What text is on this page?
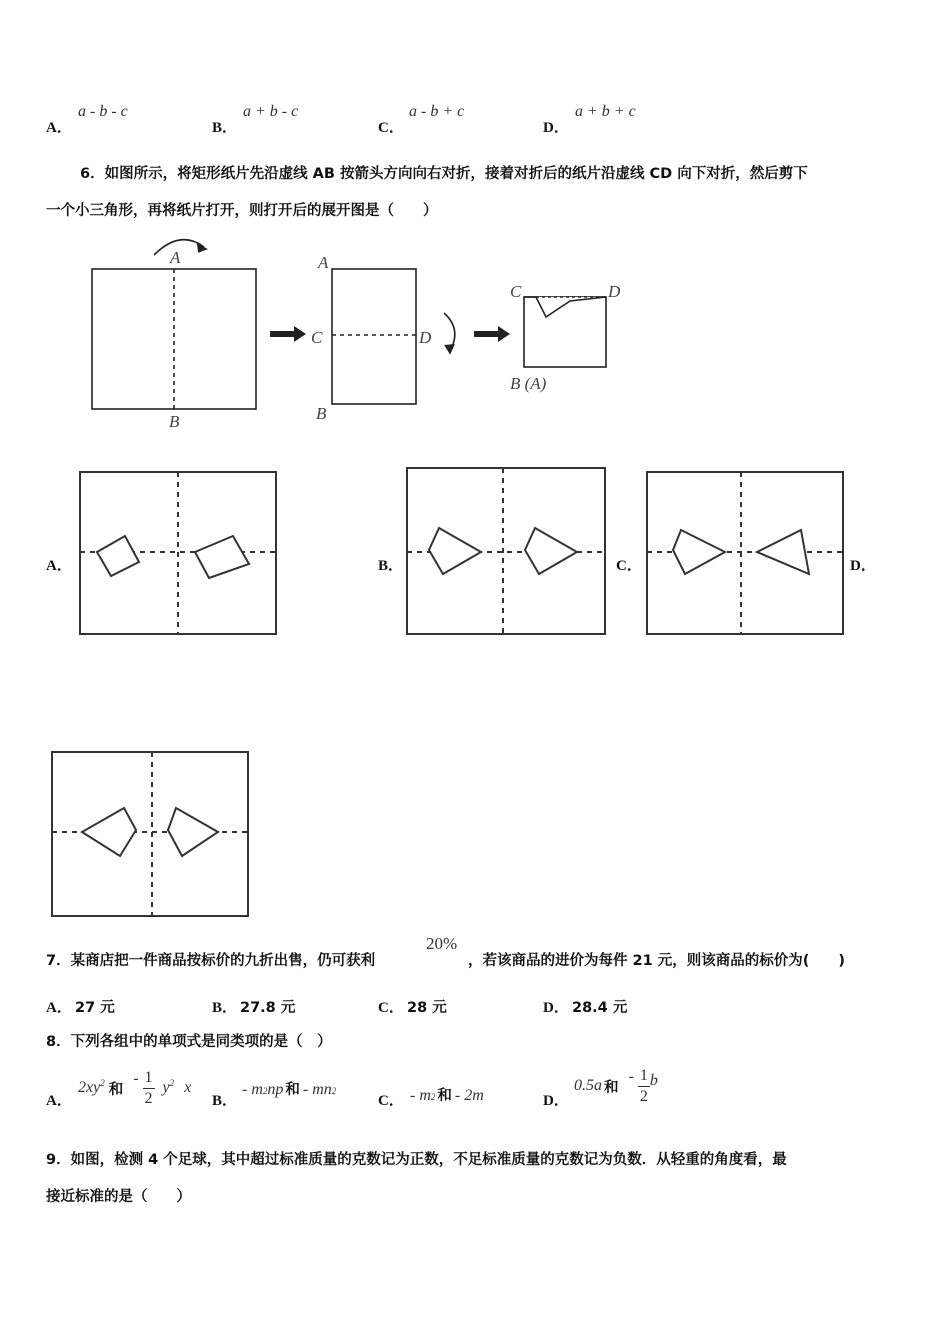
A．
a - b - c
B．
a + b - c
C．
a - b + c
D．
a + b + c
6．如图所示，将矩形纸片先沿虚线 AB 按箭头方向向右对折，接着对折后的纸片沿虚线 CD 向下对折，然后剪下
一个小三角形，再将纸片打开，则打开后的展开图是（　　）
A
B
A
C	D
B
C	D
B (A)
A．	B．	C．	D．
7．某商店把一件商品按标价的九折出售，仍可获利
20%
，若该商品的进价为每件 21 元，则该商品的标价为(　　)
A． 27 元	B． 27.8 元	C． 28 元	D． 28.4 元
8．下列各组中的单项式是同类项的是（　）
A．
$2xy^2$ 和
- $\frac{1}{2} y^2$ x
B．
- m 2 np 和 - mn 2
C． - m 2 和 - 2m	D．
0.5a 和
- $\frac{1}{2}$ b
9．如图，检测 4 个足球，其中超过标准质量的克数记为正数，不足标准质量的克数记为负数．从轻重的角度看，最
接近标准的是（　　）
